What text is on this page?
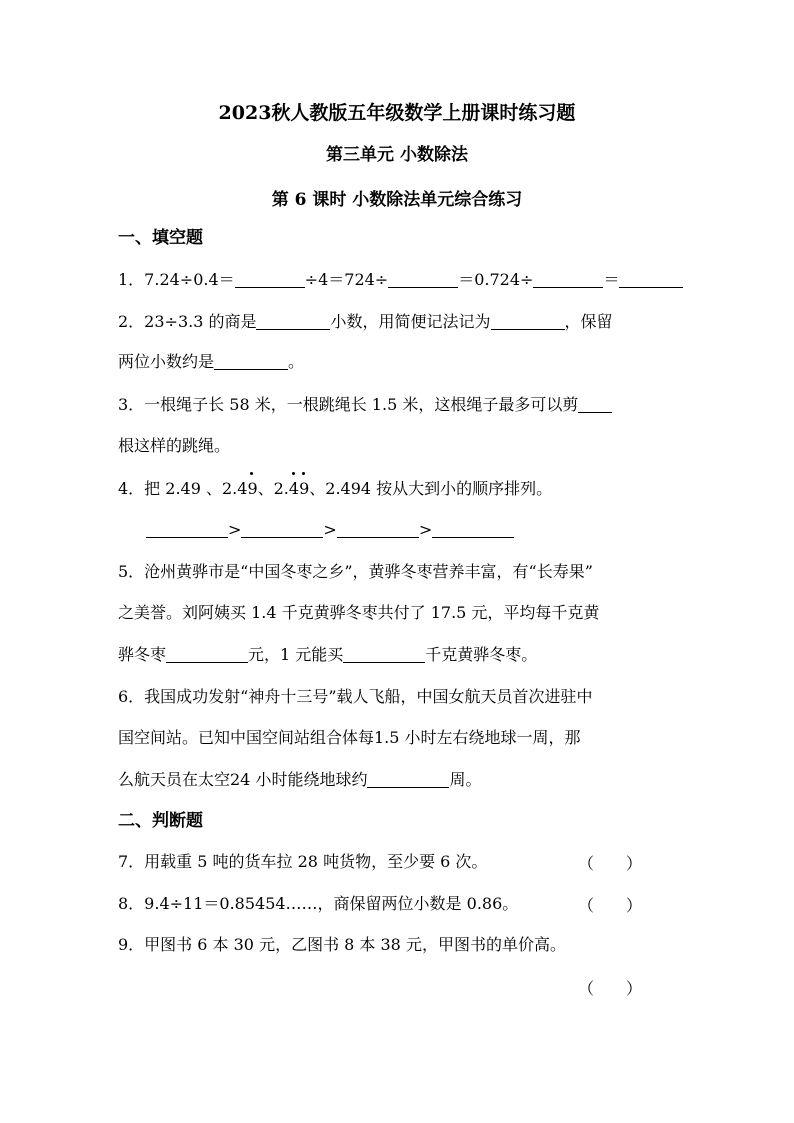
2023秋人教版五年级数学上册课时练习题
第三单元 小数除法
第 6 课时 小数除法单元综合练习
一、填空题
1．7.24÷0.4＝	÷4＝724÷	＝0.724÷	＝
2．23÷3.3 的商是	小数，用简便记法记为	，保留
两位小数约是	。
3．一根绳子长 58 米，一根跳绳长 1.5 米，这根绳子最多可以剪
根这样的跳绳。
4．把 2.49 、2.4
9、2.
49、2.494 按从大到小的顺序排列。
>	>	>
5．沧州黄骅市是“中国冬枣之乡”，黄骅冬枣营养丰富，有“长寿果”
之美誉。刘阿姨买 1.4 千克黄骅冬枣共付了 17.5 元，平均每千克黄
骅冬枣	元，1 元能买	千克黄骅冬枣。
6．我国成功发射“神舟十三号”载人飞船，中国女航天员首次进驻中
国空间站。已知中国空间站组合体每1.5 小时左右绕地球一周，那
么航天员在太空24 小时能绕地球约	周。
二、判断题
7．用载重 5 吨的货车拉 28 吨货物，至少要 6 次。	（　　）
8．9.4÷11＝0.85454……，商保留两位小数是 0.86。	（　　）
9．甲图书 6 本 30 元，乙图书 8 本 38 元，甲图书的单价高。
（　　）
